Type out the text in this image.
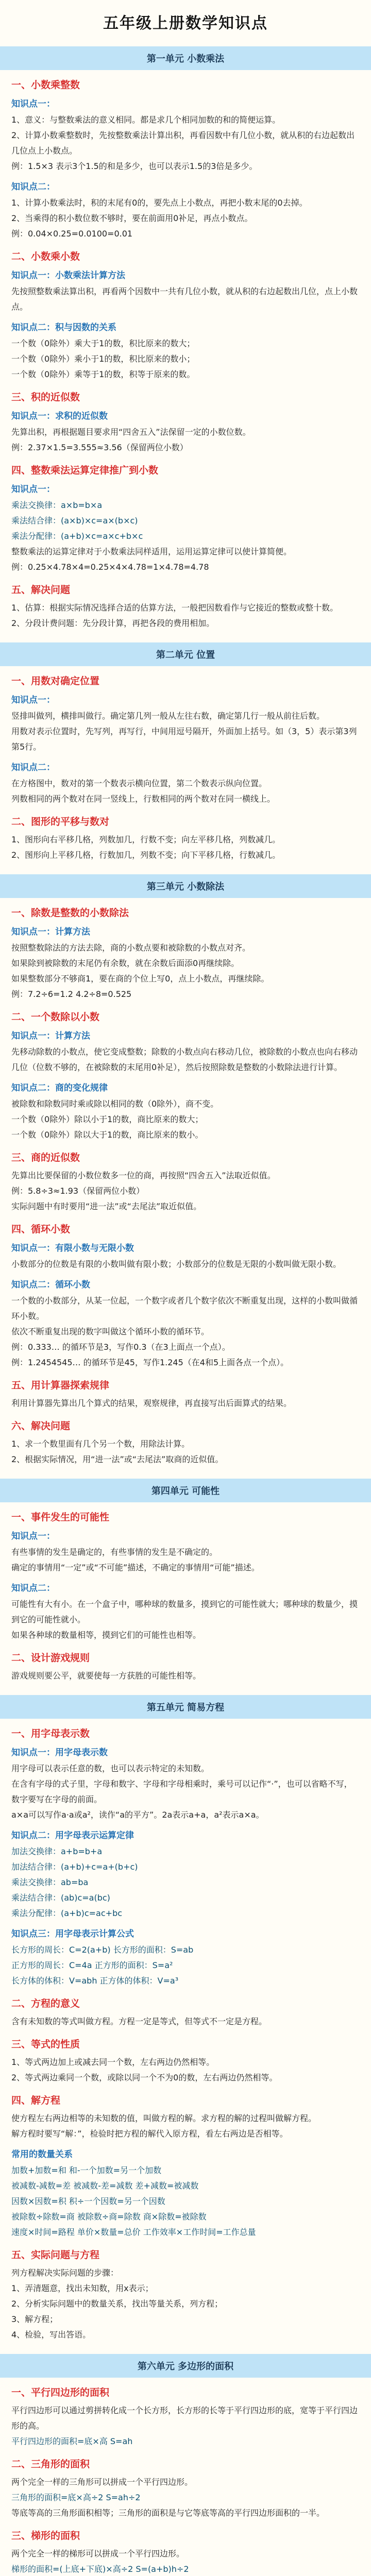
五年级上册数学知识点
第一单元 小数乘法
一、小数乘整数
知识点一：
1、意义：与整数乘法的意义相同。都是求几个相同加数的和的简便运算。
2、计算小数乘整数时，先按整数乘法计算出积，再看因数中有几位小数，就从积的右边起数出几位点上小数点。
例：1.5×3 表示3个1.5的和是多少，也可以表示1.5的3倍是多少。
知识点二：
1、计算小数乘法时，积的末尾有0的，要先点上小数点，再把小数末尾的0去掉。
2、当乘得的积小数位数不够时，要在前面用0补足，再点小数点。
例：0.04×0.25=0.0100=0.01
二、小数乘小数
知识点一：小数乘法计算方法
先按照整数乘法算出积，再看两个因数中一共有几位小数，就从积的右边起数出几位，点上小数点。
知识点二：积与因数的关系
一个数（0除外）乘大于1的数，积比原来的数大；
一个数（0除外）乘小于1的数，积比原来的数小；
一个数（0除外）乘等于1的数，积等于原来的数。
三、积的近似数
知识点一：求积的近似数
先算出积，再根据题目要求用“四舍五入”法保留一定的小数位数。
例：2.37×1.5=3.555≈3.56（保留两位小数）
四、整数乘法运算定律推广到小数
知识点一：
乘法交换律：a×b=b×a
乘法结合律：(a×b)×c=a×(b×c)
乘法分配律：(a+b)×c=a×c+b×c
整数乘法的运算定律对于小数乘法同样适用，运用运算定律可以使计算简便。
例：0.25×4.78×4=0.25×4×4.78=1×4.78=4.78
五、解决问题
1、估算：根据实际情况选择合适的估算方法，一般把因数看作与它接近的整数或整十数。
2、分段计费问题：先分段计算，再把各段的费用相加。
第二单元 位置
一、用数对确定位置
知识点一：
竖排叫做列，横排叫做行。确定第几列一般从左往右数，确定第几行一般从前往后数。
用数对表示位置时，先写列，再写行，中间用逗号隔开，外面加上括号。如（3，5）表示第3列第5行。
知识点二：
在方格图中，数对的第一个数表示横向位置，第二个数表示纵向位置。
列数相同的两个数对在同一竖线上，行数相同的两个数对在同一横线上。
二、图形的平移与数对
1、图形向右平移几格，列数加几，行数不变；向左平移几格，列数减几。
2、图形向上平移几格，行数加几，列数不变；向下平移几格，行数减几。
第三单元 小数除法
一、除数是整数的小数除法
知识点一：计算方法
按照整数除法的方法去除，商的小数点要和被除数的小数点对齐。
如果除到被除数的末尾仍有余数，就在余数后面添0再继续除。
如果整数部分不够商1，要在商的个位上写0，点上小数点，再继续除。
例：7.2÷6=1.2 4.2÷8=0.525
二、一个数除以小数
知识点一：计算方法
先移动除数的小数点，使它变成整数；除数的小数点向右移动几位，被除数的小数点也向右移动几位（位数不够的，在被除数的末尾用0补足），然后按照除数是整数的小数除法进行计算。
知识点二：商的变化规律
被除数和除数同时乘或除以相同的数（0除外），商不变。
一个数（0除外）除以小于1的数，商比原来的数大；
一个数（0除外）除以大于1的数，商比原来的数小。
三、商的近似数
先算出比要保留的小数位数多一位的商，再按照“四舍五入”法取近似值。
例：5.8÷3≈1.93（保留两位小数）
实际问题中有时要用“进一法”或“去尾法”取近似值。
四、循环小数
知识点一：有限小数与无限小数
小数部分的位数是有限的小数叫做有限小数；小数部分的位数是无限的小数叫做无限小数。
知识点二：循环小数
一个数的小数部分，从某一位起，一个数字或者几个数字依次不断重复出现，这样的小数叫做循环小数。
依次不断重复出现的数字叫做这个循环小数的循环节。
例：0.333… 的循环节是3，写作0.3（在3上面点一个点）。
例：1.2454545… 的循环节是45，写作1.245（在4和5上面各点一个点）。
五、用计算器探索规律
利用计算器先算出几个算式的结果，观察规律，再直接写出后面算式的结果。
六、解决问题
1、求一个数里面有几个另一个数，用除法计算。
2、根据实际情况，用“进一法”或“去尾法”取商的近似值。
第四单元 可能性
一、事件发生的可能性
知识点一：
有些事情的发生是确定的，有些事情的发生是不确定的。
确定的事情用“一定”或“不可能”描述，不确定的事情用“可能”描述。
知识点二：
可能性有大有小。在一个盒子中，哪种球的数量多，摸到它的可能性就大；哪种球的数量少，摸到它的可能性就小。
如果各种球的数量相等，摸到它们的可能性也相等。
二、设计游戏规则
游戏规则要公平，就要使每一方获胜的可能性相等。
第五单元 简易方程
一、用字母表示数
知识点一：用字母表示数
用字母可以表示任意的数，也可以表示特定的未知数。
在含有字母的式子里，字母和数字、字母和字母相乘时，乘号可以记作“·”，也可以省略不写，数字要写在字母的前面。
a×a可以写作a·a或a²，读作“a的平方”。2a表示a+a，a²表示a×a。
知识点二：用字母表示运算定律
加法交换律：a+b=b+a
加法结合律：(a+b)+c=a+(b+c)
乘法交换律：ab=ba
乘法结合律：(ab)c=a(bc)
乘法分配律：(a+b)c=ac+bc
知识点三：用字母表示计算公式
长方形的周长：C=2(a+b) 长方形的面积：S=ab
正方形的周长：C=4a 正方形的面积：S=a²
长方体的体积：V=abh 正方体的体积：V=a³
二、方程的意义
含有未知数的等式叫做方程。方程一定是等式，但等式不一定是方程。
三、等式的性质
1、等式两边加上或减去同一个数，左右两边仍然相等。
2、等式两边乘同一个数，或除以同一个不为0的数，左右两边仍然相等。
四、解方程
使方程左右两边相等的未知数的值，叫做方程的解。求方程的解的过程叫做解方程。
解方程时要写“解：”，检验时把方程的解代入原方程，看左右两边是否相等。
常用的数量关系
加数+加数=和 和-一个加数=另一个加数
被减数-减数=差 被减数-差=减数 差+减数=被减数
因数×因数=积 积÷一个因数=另一个因数
被除数÷除数=商 被除数÷商=除数 商×除数=被除数
速度×时间=路程 单价×数量=总价 工作效率×工作时间=工作总量
五、实际问题与方程
列方程解决实际问题的步骤：
1、弄清题意，找出未知数，用x表示；
2、分析实际问题中的数量关系，找出等量关系，列方程；
3、解方程；
4、检验，写出答语。
第六单元 多边形的面积
一、平行四边形的面积
平行四边形可以通过剪拼转化成一个长方形，长方形的长等于平行四边形的底，宽等于平行四边形的高。
平行四边形的面积=底×高 S=ah
二、三角形的面积
两个完全一样的三角形可以拼成一个平行四边形。
三角形的面积=底×高÷2 S=ah÷2
等底等高的三角形面积相等；三角形的面积是与它等底等高的平行四边形面积的一半。
三、梯形的面积
两个完全一样的梯形可以拼成一个平行四边形。
梯形的面积=(上底+下底)×高÷2 S=(a+b)h÷2
